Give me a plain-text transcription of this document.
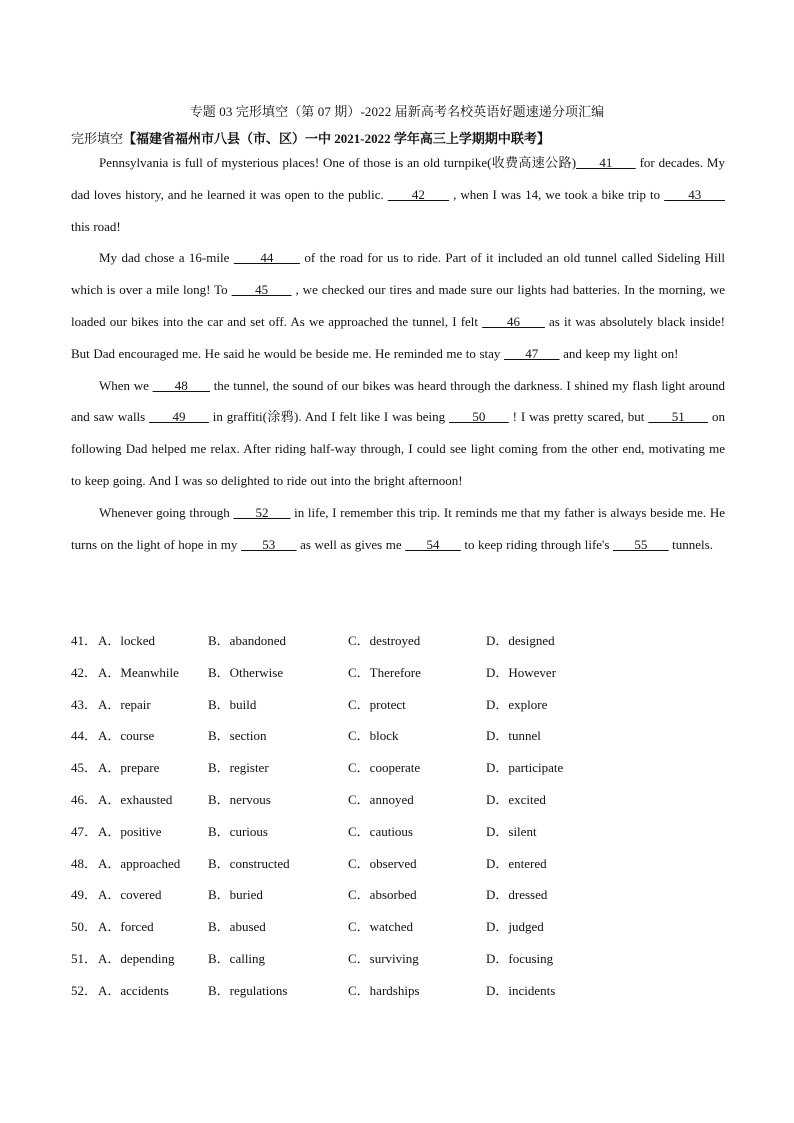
专题 03 完形填空（第 07 期）-2022 届新高考名校英语好题速递分项汇编
完形填空【福建省福州市八县（市、区）一中 2021-2022 学年高三上学期期中联考】

Pennsylvania is full of mysterious places! One of those is an old turnpike(收费高速公路)      41       for decades. My dad loves history, and he learned it was open to the public.       42       , when I was 14, we took a bike trip to       43       this road!

My dad chose a 16-mile       44       of the road for us to ride. Part of it included an old tunnel called Sideling Hill which is over a mile long! To       45       , we checked our tires and made sure our lights had batteries. In the morning, we loaded our bikes into the car and set off. As we approached the tunnel, I felt       46       as it was absolutely black inside! But Dad encouraged me. He said he would be beside me. He reminded me to stay       47       and keep my light on!

When we       48       the tunnel, the sound of our bikes was heard through the darkness. I shined my flash light around and saw walls       49       in graffiti(涂鸦). And I felt like I was being       50       ! I was pretty scared, but       51       on following Dad helped me relax. After riding half-way through, I could see light coming from the other end, motivating me to keep going. And I was so delighted to ride out into the bright afternoon!

Whenever going through       52       in life, I remember this trip. It reminds me that my father is always beside me. He turns on the light of hope in my       53       as well as gives me       54       to keep riding through life's       55       tunnels.

41． A．locked	B．abandoned	C．destroyed	D．designed
42． A．Meanwhile B．Otherwise	C．Therefore	D．However
43． A．repair	B．build	C．protect	D．explore
44． A．course	B．section	C．block	D．tunnel
45． A．prepare	B．register	C．cooperate	D．participate
46． A．exhausted	B．nervous	C．annoyed	D．excited
47． A．positive	B．curious	C．cautious	D．silent
48． A．approached B．constructed	C．observed	D．entered
49． A．covered	B．buried	C．absorbed	D．dressed
50． A．forced	B．abused	C．watched	D．judged
51． A．depending	B．calling	C．surviving	D．focusing
52． A．accidents	B．regulations	C．hardships	D．incidents
